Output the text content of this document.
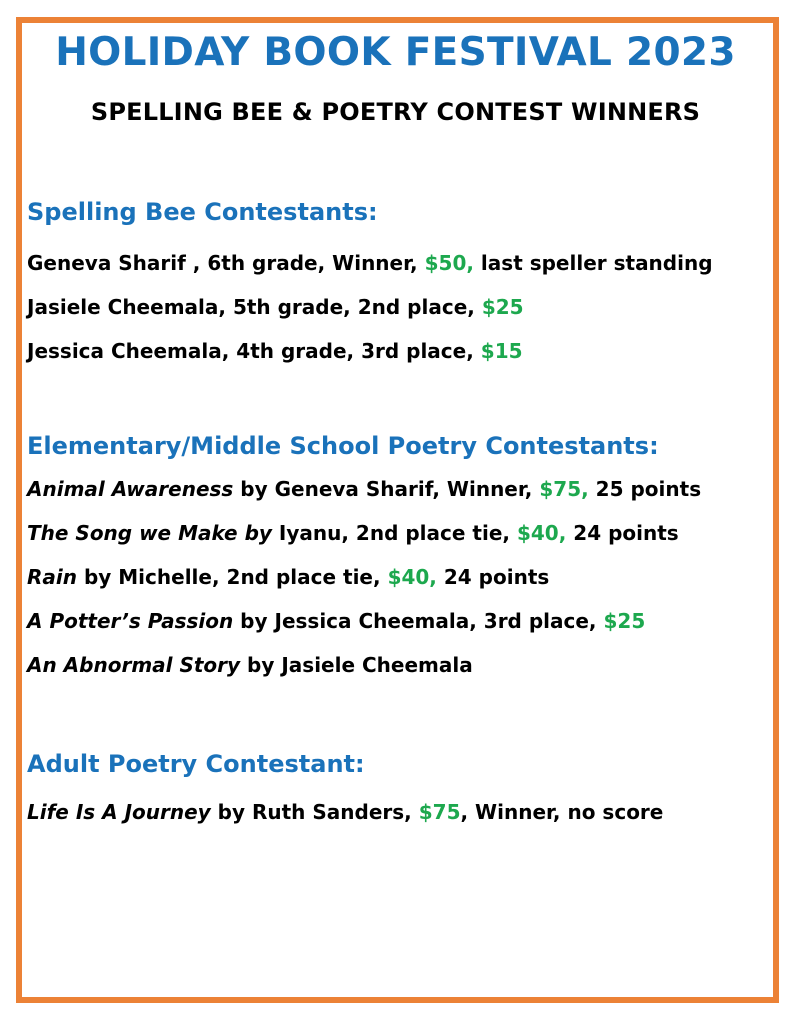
HOLIDAY BOOK FESTIVAL 2023
SPELLING BEE & POETRY CONTEST WINNERS
Spelling Bee Contestants:
Geneva Sharif , 6th grade, Winner, $50, last speller standing
Jasiele Cheemala, 5th grade, 2nd place, $25
Jessica Cheemala, 4th grade, 3rd place, $15
Elementary/Middle School Poetry Contestants:
Animal Awareness by Geneva Sharif, Winner, $75, 25 points
The Song we Make by Iyanu, 2nd place tie, $40, 24 points
Rain by Michelle, 2nd place tie, $40, 24 points
A Potter’s Passion by Jessica Cheemala, 3rd place, $25
An Abnormal Story by Jasiele Cheemala
Adult Poetry Contestant:
Life Is A Journey by Ruth Sanders, $75, Winner, no score
